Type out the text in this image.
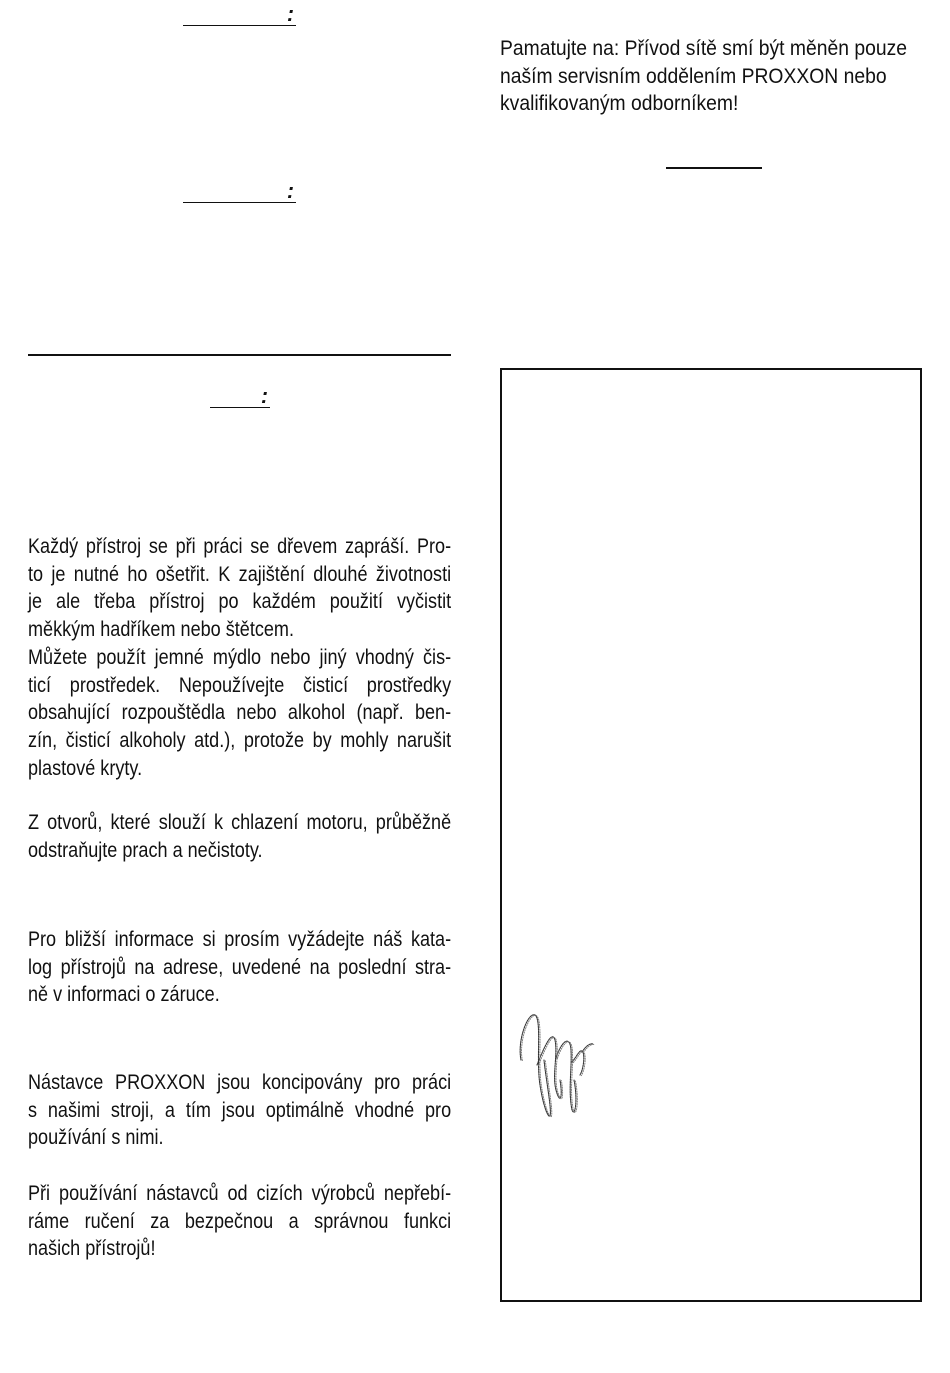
:
:
:
Každý přístroj se při práci se dřevem zapráší. Pro-
to je nutné ho ošetřit. K zajištění dlouhé životnosti
je ale třeba přístroj po každém použití vyčistit
měkkým hadříkem nebo štětcem.
Můžete použít jemné mýdlo nebo jiný vhodný čis-
ticí prostředek. Nepoužívejte čisticí prostředky
obsahující rozpouštědla nebo alkohol (např. ben-
zín, čisticí alkoholy atd.), protože by mohly narušit
plastové kryty.
Z otvorů, které slouží k chlazení motoru, průběžně
odstraňujte prach a nečistoty.
Pro bližší informace si prosím vyžádejte náš kata-
log přístrojů na adrese, uvedené na poslední stra-
ně v informaci o záruce.
Nástavce PROXXON jsou koncipovány pro práci
s našimi stroji, a tím jsou optimálně vhodné pro
používání s nimi.
Při používání nástavců od cizích výrobců nepřebí-
ráme ručení za bezpečnou a správnou funkci
našich přístrojů!
Pamatujte na: Přívod sítě smí být měněn pouze
naším servisním oddělením PROXXON nebo
kvalifikovaným odborníkem!
